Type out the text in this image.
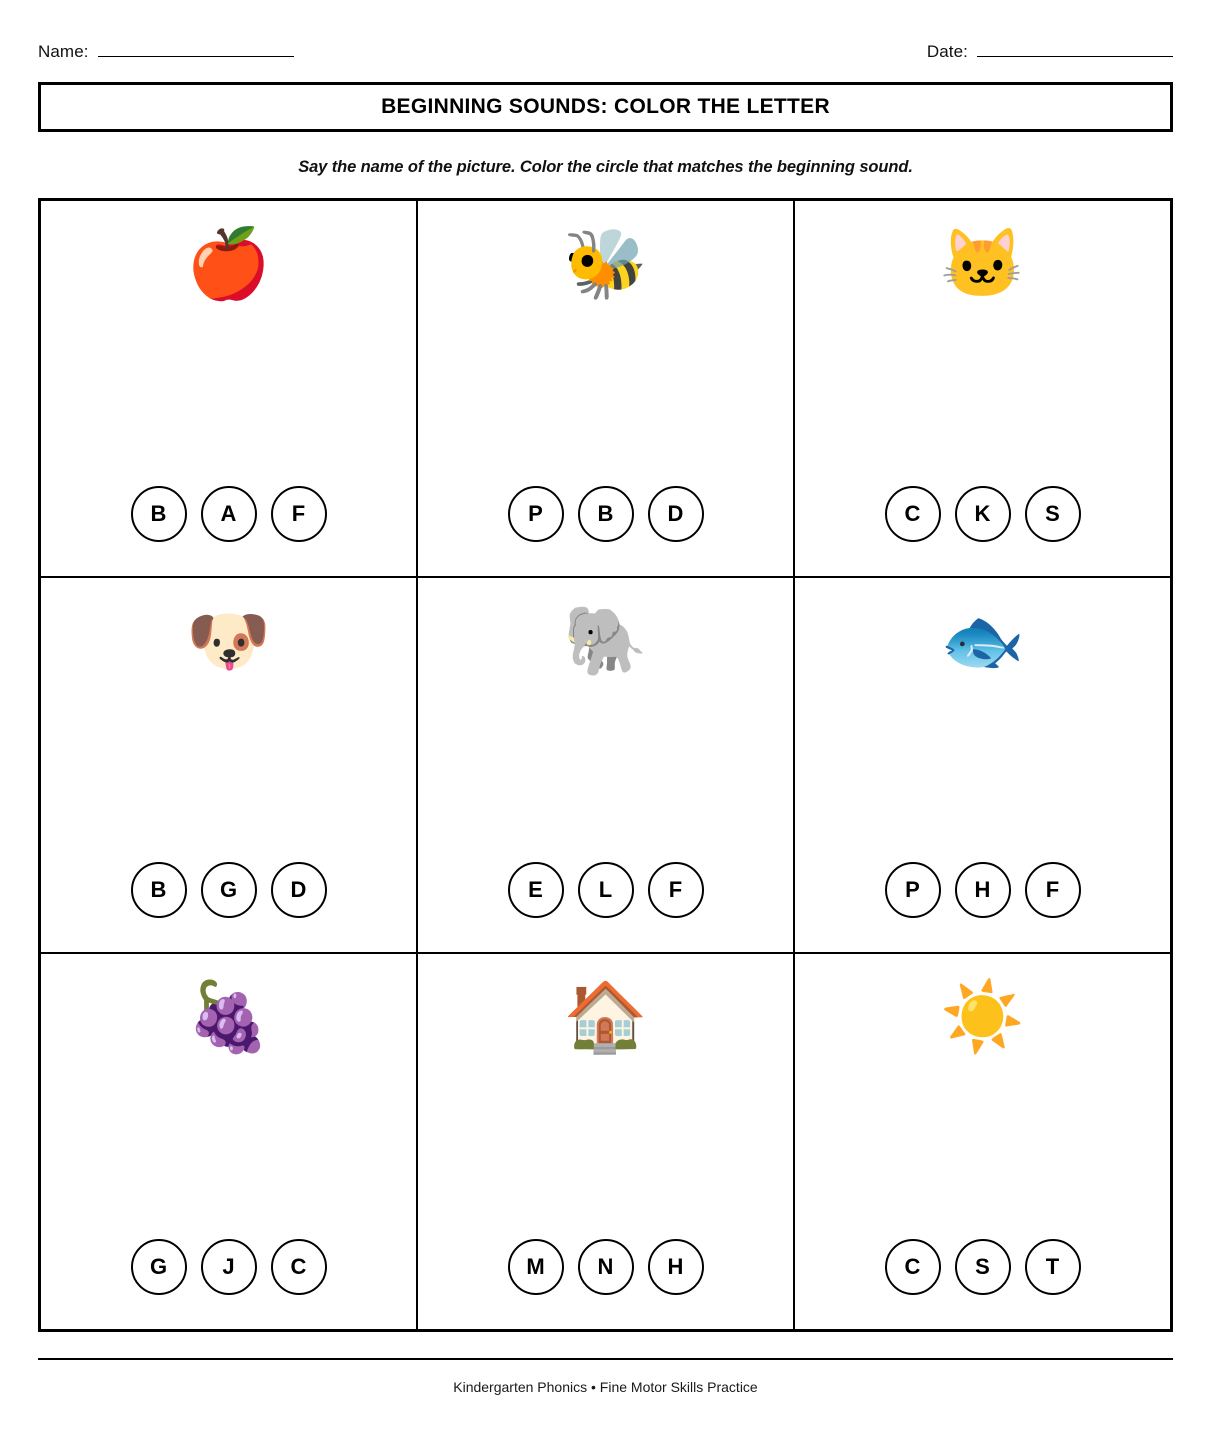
Name:	Date:
BEGINNING SOUNDS: COLOR THE LETTER
Say the name of the picture. Color the circle that matches the beginning sound.
🍎
B	A	F
🐝
P	B	D
🐱
C	K	S
🐶
B	G	D
🐘
E	L	F
🐟
P	H	F
🍇
G	J	C
🏠
M	N	H
☀️
C	S	T
Kindergarten Phonics • Fine Motor Skills Practice
